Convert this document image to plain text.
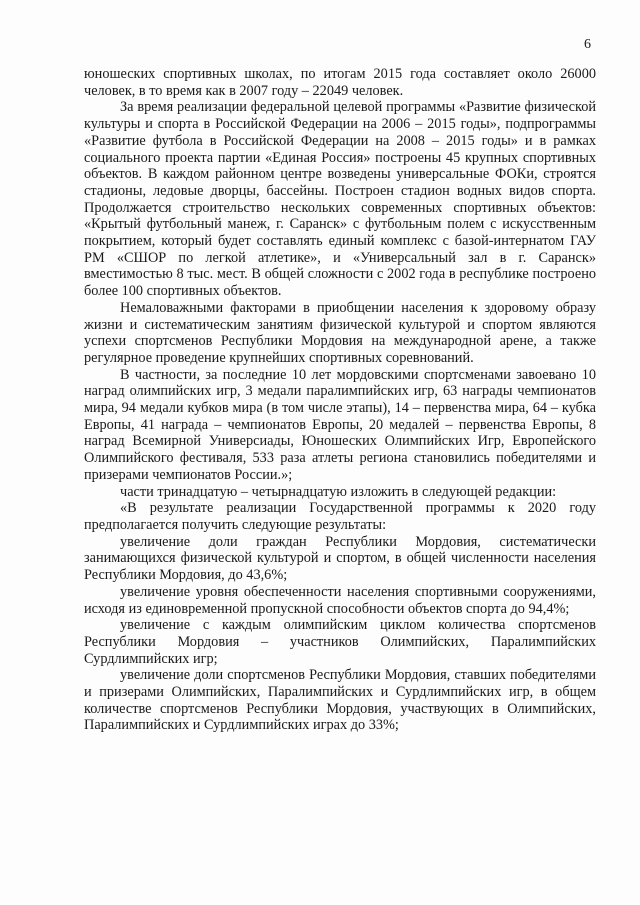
6

юношеских спортивных школах, по итогам 2015 года составляет около 26000 человек, в то время как в 2007 году – 22049 человек.

За время реализации федеральной целевой программы «Развитие физической культуры и спорта в Российской Федерации на 2006 – 2015 годы», подпрограммы «Развитие футбола в Российской Федерации на 2008 – 2015 годы» и в рамках социального проекта партии «Единая Россия» построены 45 крупных спортивных объектов. В каждом районном центре возведены универсальные ФОКи, строятся стадионы, ледовые дворцы, бассейны. Построен стадион водных видов спорта. Продолжается строительство нескольких современных спортивных объектов: «Крытый футбольный манеж, г. Саранск» с футбольным полем с искусственным покрытием, который будет составлять единый комплекс с базой-интернатом ГАУ РМ «СШОР по легкой атлетике», и «Универсальный зал в г. Саранск» вместимостью 8 тыс. мест. В общей сложности с 2002 года в республике построено более 100 спортивных объектов.

Немаловажными факторами в приобщении населения к здоровому образу жизни и систематическим занятиям физической культурой и спортом являются успехи спортсменов Республики Мордовия на международной арене, а также регулярное проведение крупнейших спортивных соревнований.

В частности, за последние 10 лет мордовскими спортсменами завоевано 10 наград олимпийских игр, 3 медали паралимпийских игр, 63 награды чемпионатов мира, 94 медали кубков мира (в том числе этапы), 14 – первенства мира, 64 – кубка Европы, 41 награда – чемпионатов Европы, 20 медалей – первенства Европы, 8 наград Всемирной Универсиады, Юношеских Олимпийских Игр, Европейского Олимпийского фестиваля, 533 раза атлеты региона становились победителями и призерами чемпионатов России.»;

части тринадцатую – четырнадцатую изложить в следующей редакции:

«В результате реализации Государственной программы к 2020 году предполагается получить следующие результаты:

увеличение доли граждан Республики Мордовия, систематически занимающихся физической культурой и спортом, в общей численности населения Республики Мордовия, до 43,6%;

увеличение уровня обеспеченности населения спортивными сооружениями, исходя из единовременной пропускной способности объектов спорта до 94,4%;

увеличение с каждым олимпийским циклом количества спортсменов Республики Мордовия – участников Олимпийских, Паралимпийских Сурдлимпийских игр;

увеличение доли спортсменов Республики Мордовия, ставших победителями и призерами Олимпийских, Паралимпийских и Сурдлимпийских игр, в общем количестве спортсменов Республики Мордовия, участвующих в Олимпийских, Паралимпийских и Сурдлимпийских играх до 33%;
